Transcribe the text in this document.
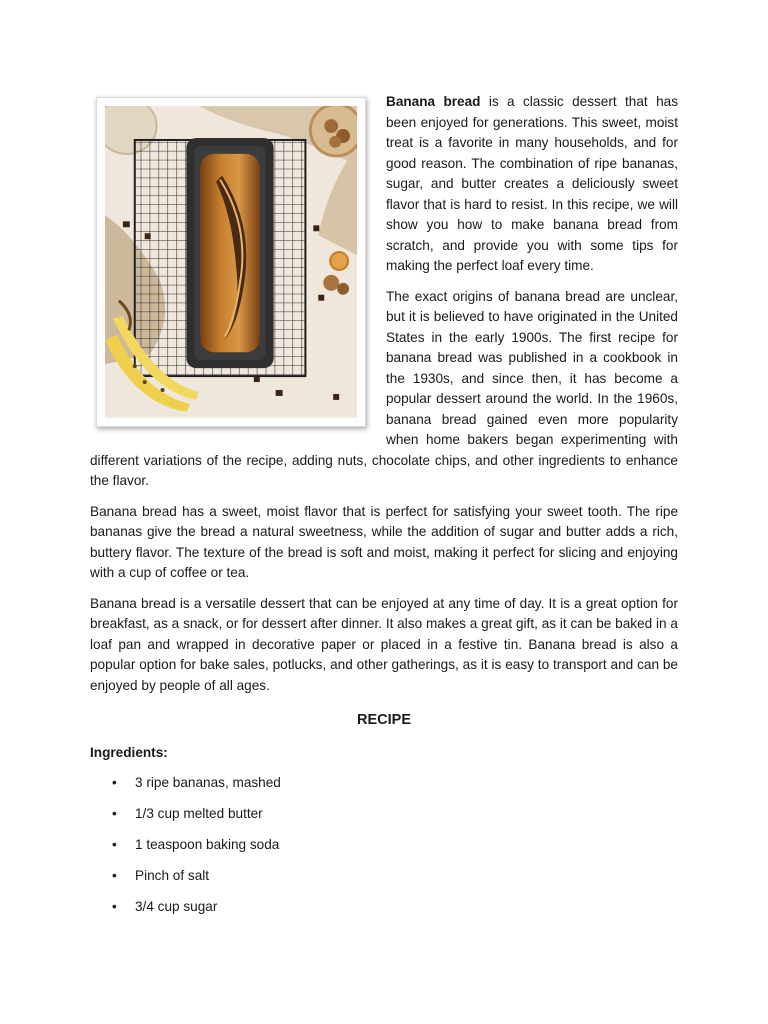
Banana bread is a classic dessert that has been enjoyed for generations. This sweet, moist treat is a favorite in many households, and for good reason. The combination of ripe bananas, sugar, and butter creates a deliciously sweet flavor that is hard to resist. In this recipe, we will show you how to make banana bread from scratch, and provide you with some tips for making the perfect loaf every time.

The exact origins of banana bread are unclear, but it is believed to have originated in the United States in the early 1900s. The first recipe for banana bread was published in a cookbook in the 1930s, and since then, it has become a popular dessert around the world. In the 1960s, banana bread gained even more popularity when home bakers began experimenting with different variations of the recipe, adding nuts, chocolate chips, and other ingredients to enhance the flavor.

Banana bread has a sweet, moist flavor that is perfect for satisfying your sweet tooth. The ripe bananas give the bread a natural sweetness, while the addition of sugar and butter adds a rich, buttery flavor. The texture of the bread is soft and moist, making it perfect for slicing and enjoying with a cup of coffee or tea.

Banana bread is a versatile dessert that can be enjoyed at any time of day. It is a great option for breakfast, as a snack, or for dessert after dinner. It also makes a great gift, as it can be baked in a loaf pan and wrapped in decorative paper or placed in a festive tin. Banana bread is also a popular option for bake sales, potlucks, and other gatherings, as it is easy to transport and can be enjoyed by people of all ages.

RECIPE
Ingredients:
• 3 ripe bananas, mashed
• 1/3 cup melted butter
• 1 teaspoon baking soda
• Pinch of salt
• 3/4 cup sugar
